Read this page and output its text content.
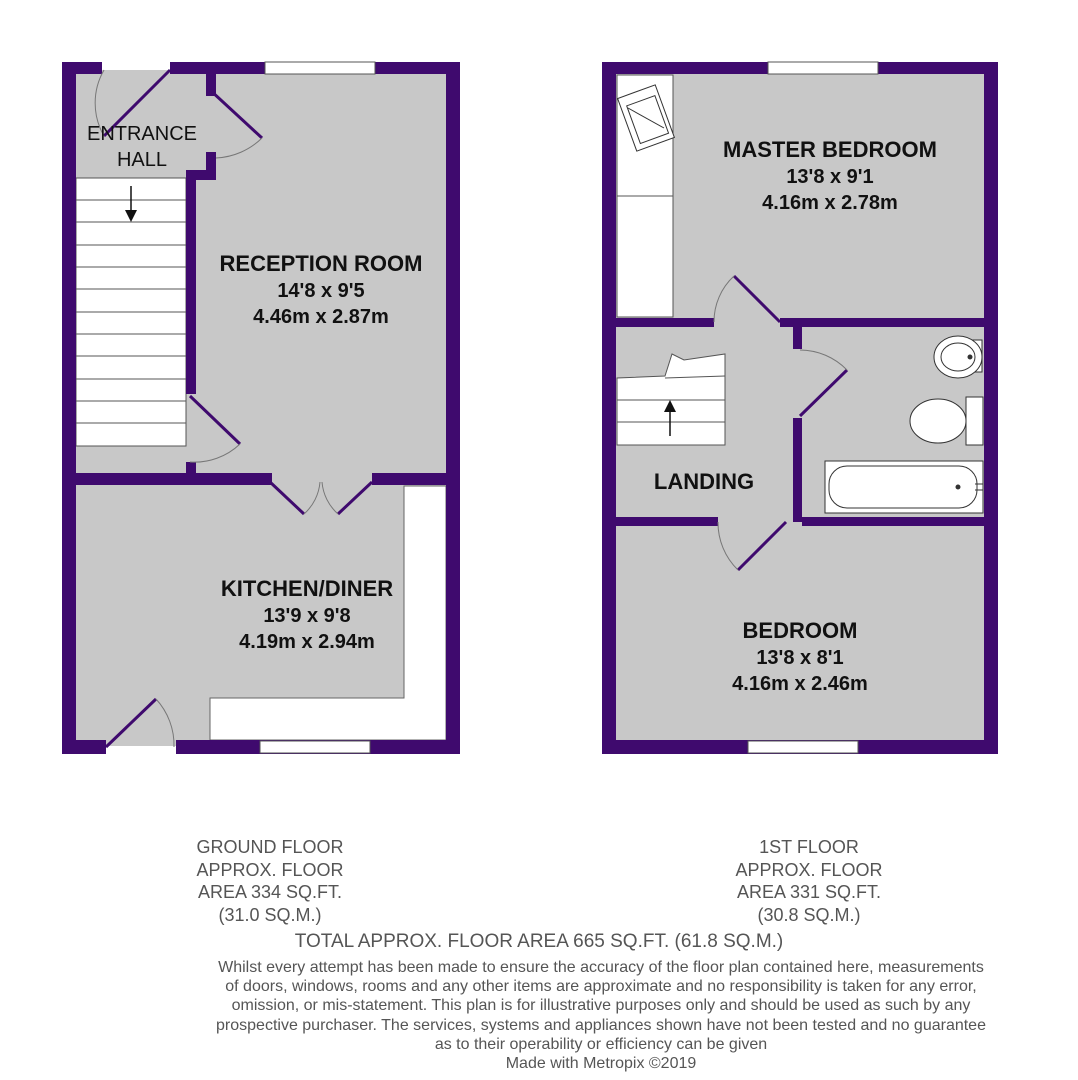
ENTRANCE
HALL
RECEPTION ROOM
14'8 x 9'5
4.46m x 2.87m
KITCHEN/DINER
13'9 x 9'8
4.19m x 2.94m
MASTER BEDROOM
13'8 x 9'1
4.16m x 2.78m
LANDING
BEDROOM
13'8 x 8'1
4.16m x 2.46m
GROUND FLOOR
APPROX. FLOOR
AREA 334 SQ.FT.
(31.0 SQ.M.)
1ST FLOOR
APPROX. FLOOR
AREA 331 SQ.FT.
(30.8 SQ.M.)
TOTAL APPROX. FLOOR AREA 665 SQ.FT. (61.8 SQ.M.)
Whilst every attempt has been made to ensure the accuracy of the floor plan contained here, measurements
of doors, windows, rooms and any other items are approximate and no responsibility is taken for any error,
omission, or mis-statement. This plan is for illustrative purposes only and should be used as such by any
prospective purchaser. The services, systems and appliances shown have not been tested and no guarantee
as to their operability or efficiency can be given
Made with Metropix ©2019
